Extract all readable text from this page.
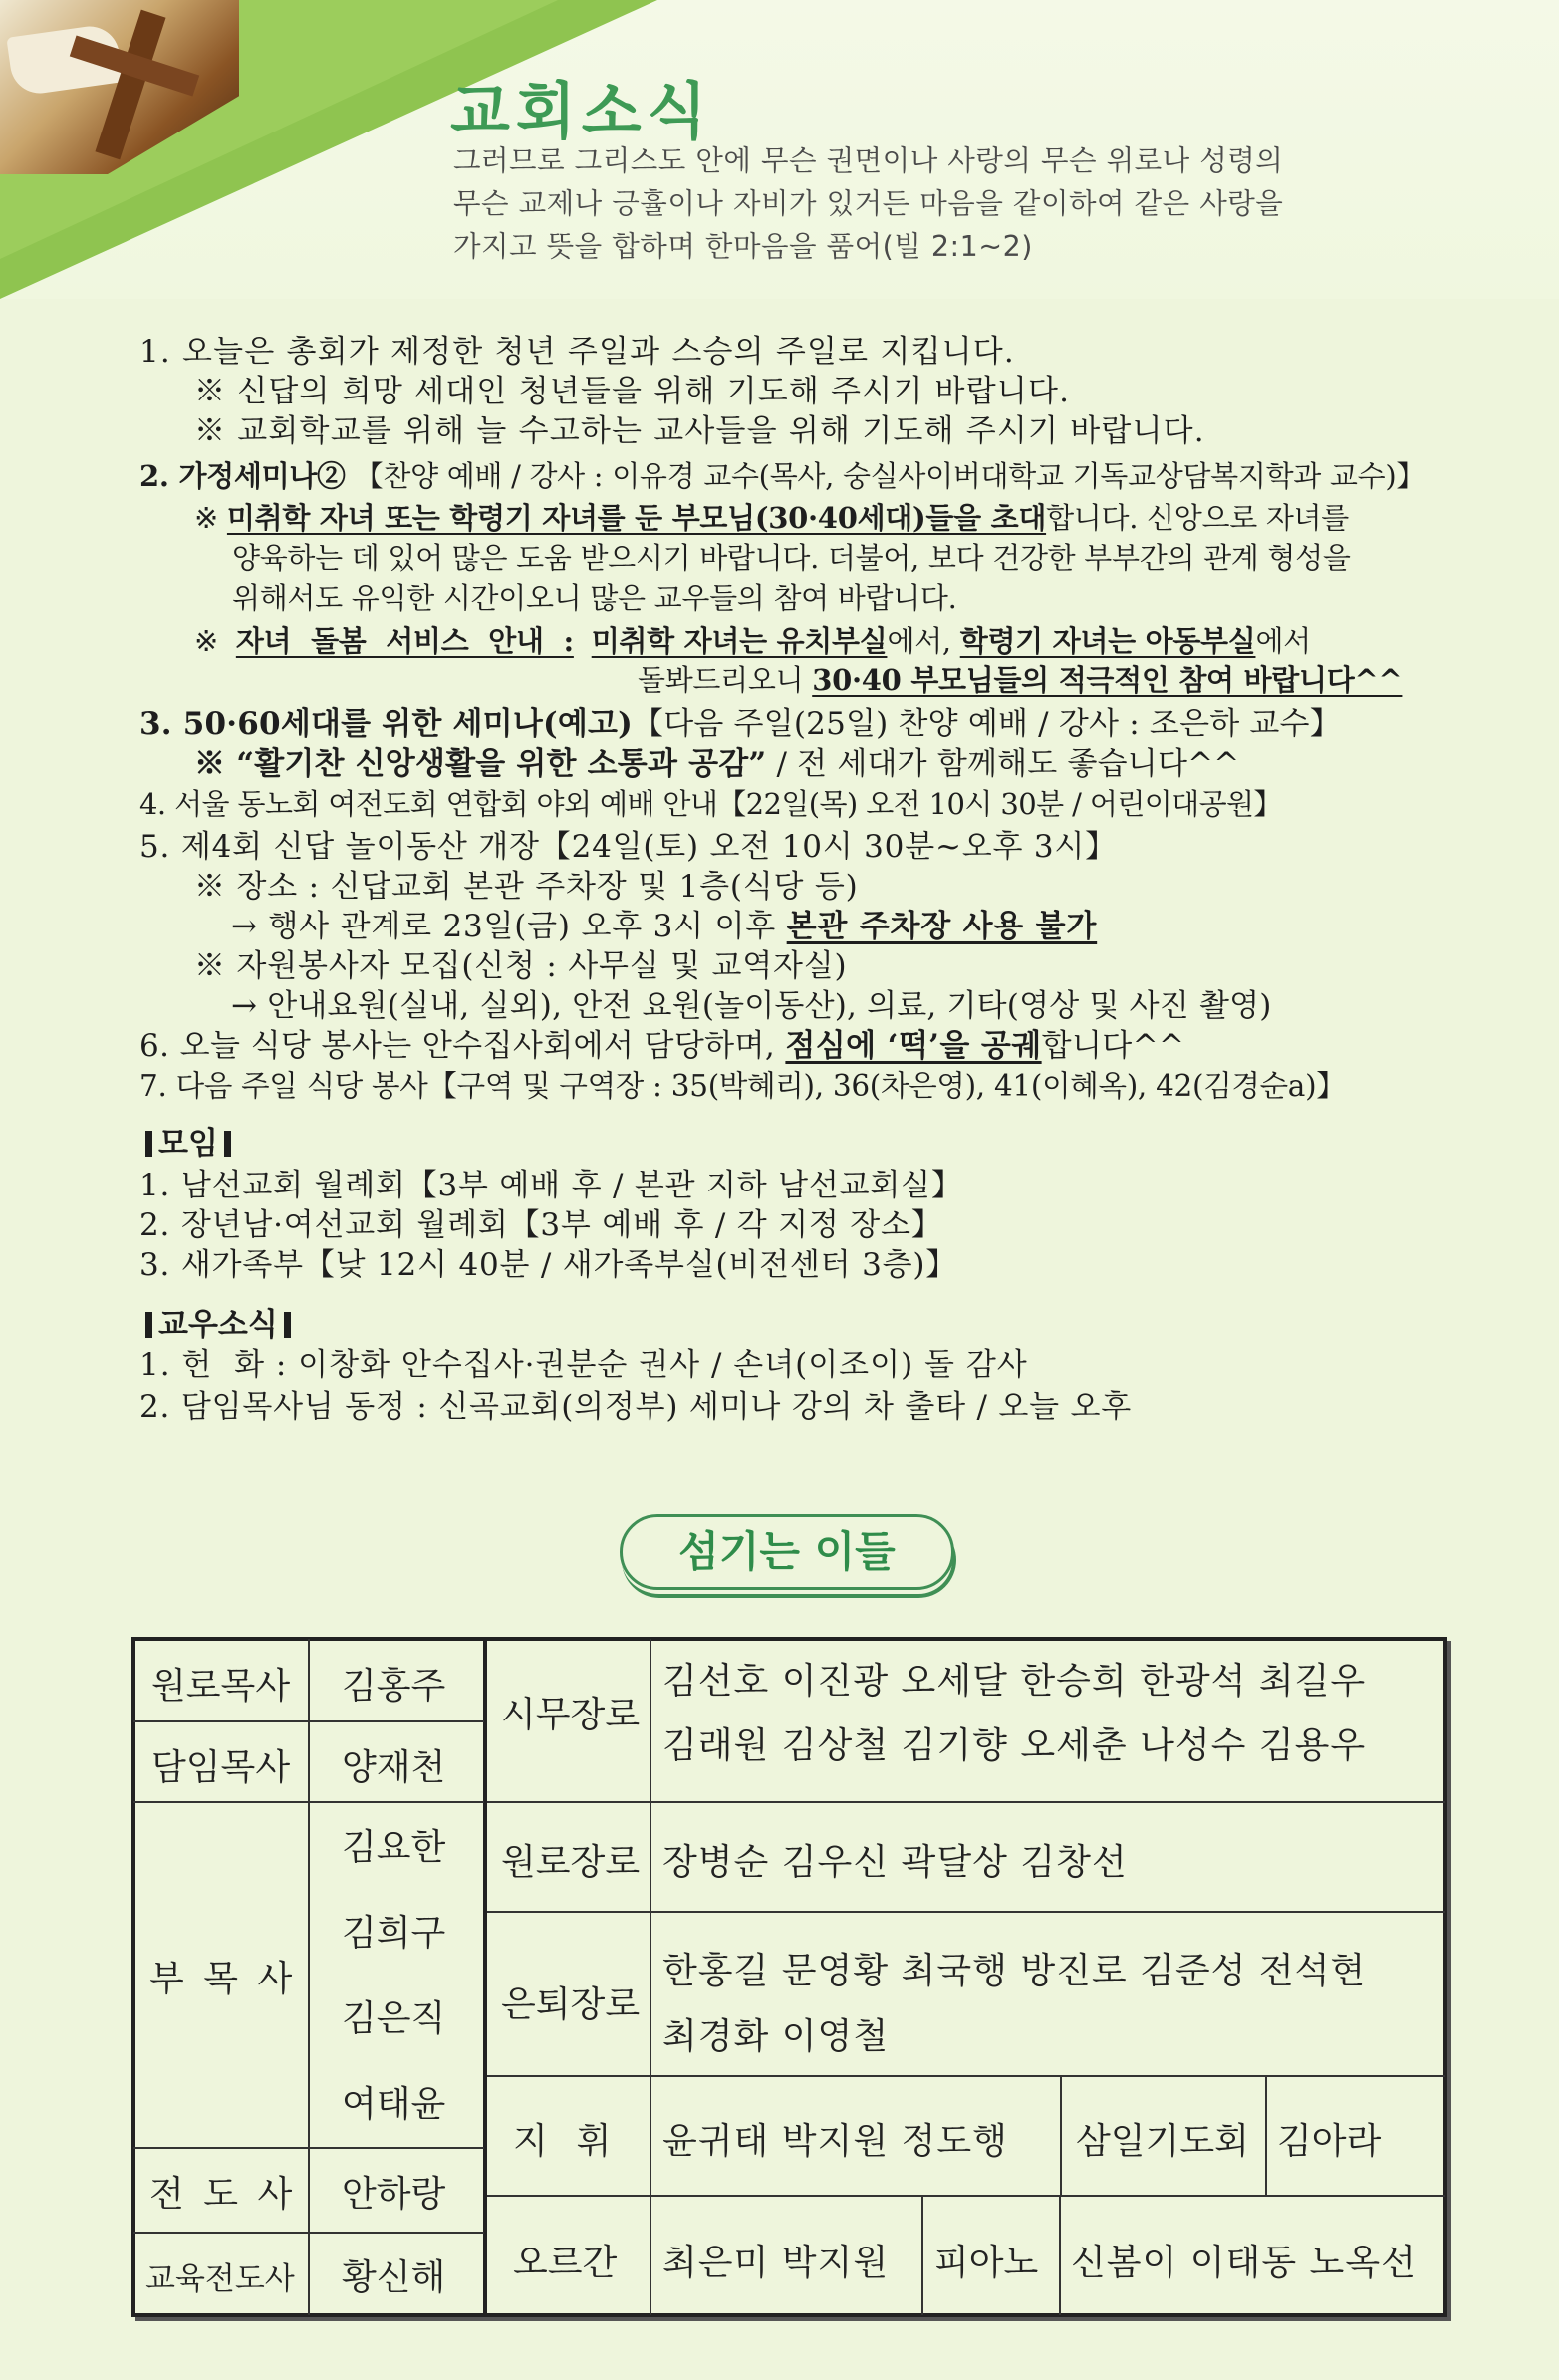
교회소식
그러므로 그리스도 안에 무슨 권면이나 사랑의 무슨 위로나 성령의
무슨 교제나 긍휼이나 자비가 있거든 마음을 같이하여 같은 사랑을
가지고 뜻을 합하며 한마음을 품어(빌 2:1~2)
1. 오늘은 총회가 제정한 청년 주일과 스승의 주일로 지킵니다.
※ 신답의 희망 세대인 청년들을 위해 기도해 주시기 바랍니다.
※ 교회학교를 위해 늘 수고하는 교사들을 위해 기도해 주시기 바랍니다.
2. 가정세미나② 【찬양 예배 / 강사 : 이유경 교수(목사, 숭실사이버대학교 기독교상담복지학과 교수)】
※ 미취학 자녀 또는 학령기 자녀를 둔 부모님(30·40세대)들을 초대합니다. 신앙으로 자녀를
양육하는 데 있어 많은 도움 받으시기 바랍니다. 더불어, 보다 건강한 부부간의 관계 형성을
위해서도 유익한 시간이오니 많은 교우들의 참여 바랍니다.
※ 자녀 돌봄 서비스 안내 : 미취학 자녀는 유치부실에서, 학령기 자녀는 아동부실에서
돌봐드리오니 30·40 부모님들의 적극적인 참여 바랍니다^^
3. 50·60세대를 위한 세미나(예고)【다음 주일(25일) 찬양 예배 / 강사 : 조은하 교수】
※ “활기찬 신앙생활을 위한 소통과 공감” / 전 세대가 함께해도 좋습니다^^
4. 서울 동노회 여전도회 연합회 야외 예배 안내【22일(목) 오전 10시 30분 / 어린이대공원】
5. 제4회 신답 놀이동산 개장【24일(토) 오전 10시 30분~오후 3시】
※ 장소 : 신답교회 본관 주차장 및 1층(식당 등)
→ 행사 관계로 23일(금) 오후 3시 이후 본관 주차장 사용 불가
※ 자원봉사자 모집(신청 : 사무실 및 교역자실)
→ 안내요원(실내, 실외), 안전 요원(놀이동산), 의료, 기타(영상 및 사진 촬영)
6. 오늘 식당 봉사는 안수집사회에서 담당하며, 점심에 ‘떡’을 공궤합니다^^
7. 다음 주일 식당 봉사【구역 및 구역장 : 35(박혜리), 36(차은영), 41(이혜옥), 42(김경순a)】
모임
1. 남선교회 월례회【3부 예배 후 / 본관 지하 남선교회실】
2. 장년남·여선교회 월례회【3부 예배 후 / 각 지정 장소】
3. 새가족부【낮 12시 40분 / 새가족부실(비전센터 3층)】
교우소식
1. 헌  화 : 이창화 안수집사·권분순 권사 / 손녀(이조이) 돌 감사
2. 담임목사님 동정 : 신곡교회(의정부) 세미나 강의 차 출타 / 오늘 오후
섬기는 이들
원로목사 김홍주
담임목사 양재천
부 목 사
김요한
김희구
김은직
여태윤
전 도 사 안하랑
교육전도사 황신해
시무장로
김선호 이진광 오세달 한승희 한광석 최길우
김래원 김상철 김기향 오세춘 나성수 김용우
원로장로 장병순 김우신 곽달상 김창선
은퇴장로
한홍길 문영황 최국행 방진로 김준성 전석현
최경화 이영철
지  휘 윤귀태 박지원 정도행 삼일기도회 김아라
오르간 최은미 박지원 피아노 신봄이 이태동 노옥선
